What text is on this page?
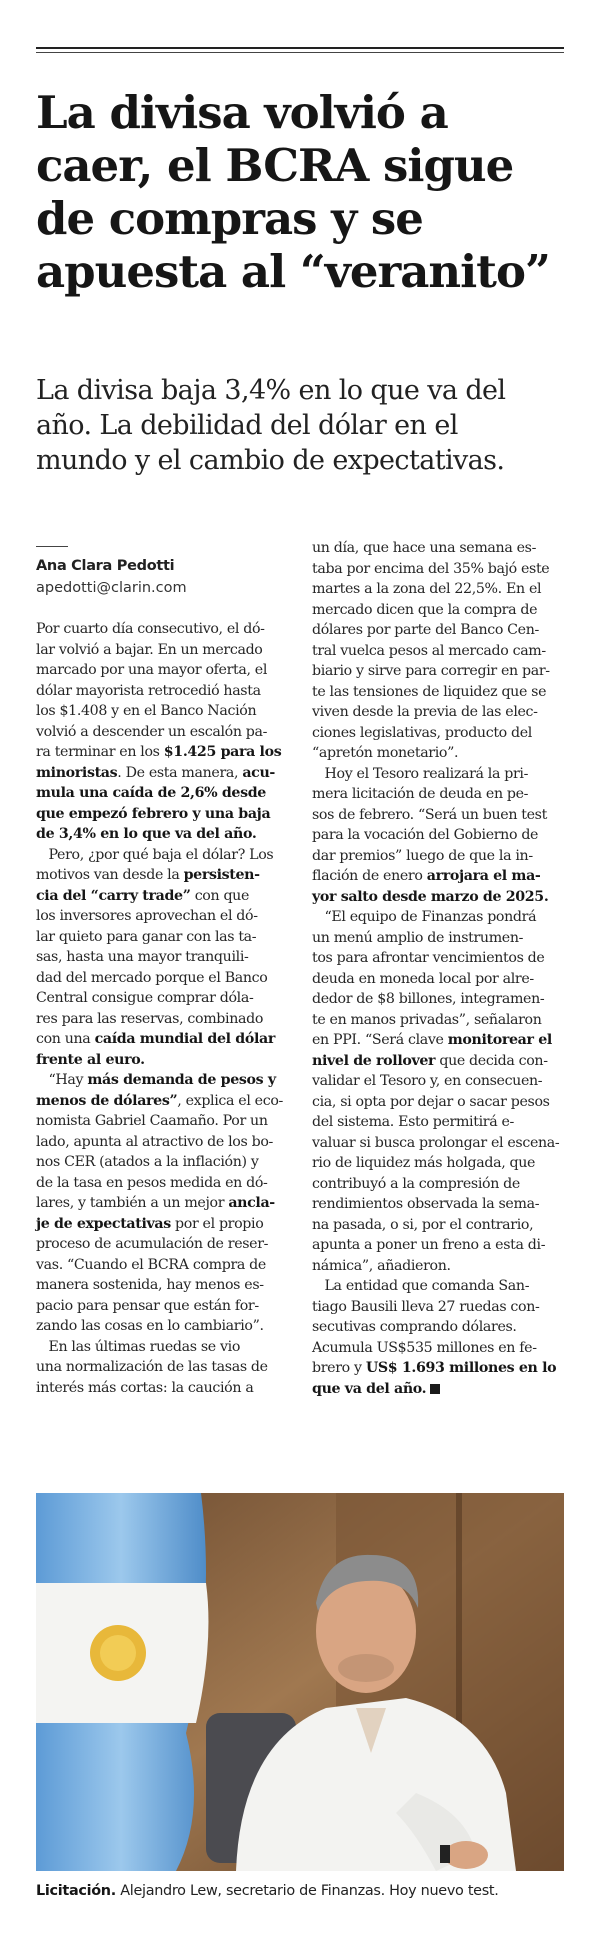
La divisa volvió a
caer, el BCRA sigue
de compras y se
apuesta al “veranito”

La divisa baja 3,4% en lo que va del
año. La debilidad del dólar en el
mundo y el cambio de expectativas.

Ana Clara Pedotti
apedotti@clarin.com
Por cuarto día consecutivo, el dó-
lar volvió a bajar. En un mercado
marcado por una mayor oferta, el
dólar mayorista retrocedió hasta
los $1.408 y en el Banco Nación
volvió a descender un escalón pa-
ra terminar en los $1.425 para los
minoristas. De esta manera, acu-
mula una caída de 2,6% desde
que empezó febrero y una baja
de 3,4% en lo que va del año.
Pero, ¿por qué baja el dólar? Los
motivos van desde la persisten-
cia del “carry trade” con que
los inversores aprovechan el dó-
lar quieto para ganar con las ta-
sas, hasta una mayor tranquili-
dad del mercado porque el Banco
Central consigue comprar dóla-
res para las reservas, combinado
con una caída mundial del dólar
frente al euro.
“Hay más demanda de pesos y
menos de dólares”, explica el eco-
nomista Gabriel Caamaño. Por un
lado, apunta al atractivo de los bo-
nos CER (atados a la inflación) y
de la tasa en pesos medida en dó-
lares, y también a un mejor anclа-
je de expectativas por el propio
proceso de acumulación de reser-
vas. “Cuando el BCRA compra de
manera sostenida, hay menos es-
pacio para pensar que están for-
zando las cosas en lo cambiario”.
En las últimas ruedas se vio
una normalización de las tasas de
interés más cortas: la caución a
un día, que hace una semana es-
taba por encima del 35% bajó este
martes a la zona del 22,5%. En el
mercado dicen que la compra de
dólares por parte del Banco Cen-
tral vuelca pesos al mercado cam-
biario y sirve para corregir en par-
te las tensiones de liquidez que se
viven desde la previa de las elec-
ciones legislativas, producto del
“apretón monetario”.
Hoy el Tesoro realizará la pri-
mera licitación de deuda en pe-
sos de febrero. “Será un buen test
para la vocación del Gobierno de
dar premios” luego de que la in-
flación de enero arrojara el ma-
yor salto desde marzo de 2025.
“El equipo de Finanzas pondrá
un menú amplio de instrumen-
tos para afrontar vencimientos de
deuda en moneda local por alre-
dedor de $8 billones, integramen-
te en manos privadas”, señalaron
en PPI. “Será clave monitorear el
nivel de rollover que decida con-
validar el Tesoro y, en consecuen-
cia, si opta por dejar o sacar pesos
del sistema. Esto permitirá e-
valuar si busca prolongar el escena-
rio de liquidez más holgada, que
contribuyó a la compresión de
rendimientos observada la sema-
na pasada, o si, por el contrario,
apunta a poner un freno a esta di-
námica”, añadieron.
La entidad que comanda San-
tiago Bausili lleva 27 ruedas con-
secutivas comprando dólares.
Acumula US$535 millones en fe-
brero y US$ 1.693 millones en lo
que va del año.
Licitación. Alejandro Lew, secretario de Finanzas. Hoy nuevo test.
